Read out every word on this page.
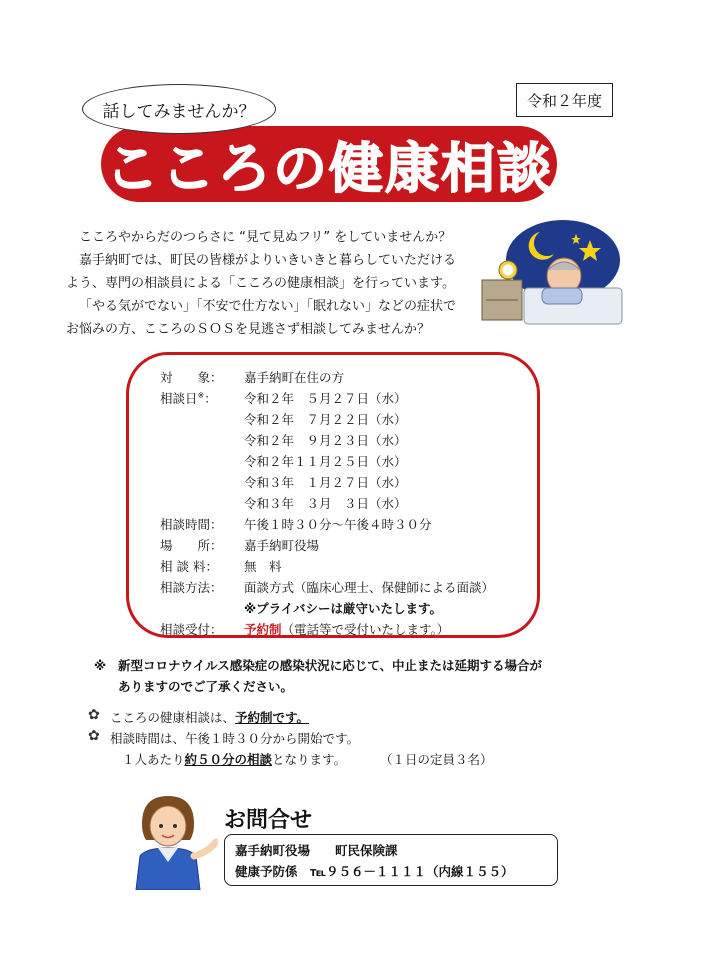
令和２年度
話してみませんか？
こころの健康相談

こころやからだのつらさに “見て見ぬフリ” をしていませんか？

嘉手納町では、町民の皆様がよりいきいきと暮らしていただける

よう、専門の相談員による「こころの健康相談」を行っています。

「やる気がでない」「不安で仕方ない」「眠れない」などの症状で

お悩みの方、こころのＳＯＳを見逃さず相談してみませんか？

対　　象： 嘉手納町在住の方
相談日※： 令和２年　５月２７日（水）
令和２年　７月２２日（水）
令和２年　９月２３日（水）
令和２年１１月２５日（水）
令和３年　１月２７日（水）
令和３年　３月　３日（水）
相談時間： 午後１時３０分～午後４時３０分
場　　所： 嘉手納町役場
相 談 料： 無　料
相談方法： 面談方式（臨床心理士、保健師による面談）
※プライバシーは厳守いたします。
相談受付： 予約制（電話等で受付いたします。）
※ 新型コロナウイルス感染症の感染状況に応じて、中止または延期する場合が
ありますのでご了承ください。
✿ こころの健康相談は、予約制です。
✿ 相談時間は、午後１時３０分から開始です。
１人あたり約５０分の相談となります。	（１日の定員３名）
お問合せ
嘉手納町役場　　町民保険課
健康予防係　℡９５６－１１１１（内線１５５）
